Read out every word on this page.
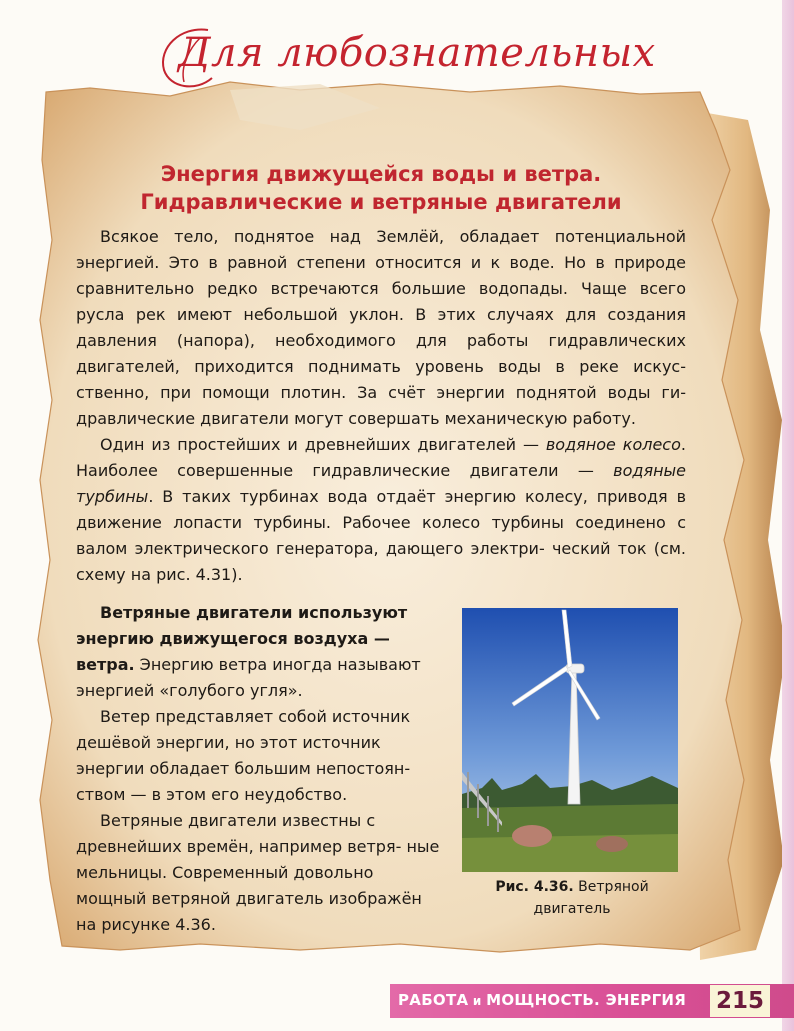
Для любознательных
Энергия движущейся воды и ветра.
Гидравлические и ветряные двигатели

Всякое тело, поднятое над Землёй, обладает потенциальной энергией. Это в равной степени относится и к воде. Но в природе сравнительно редко встречаются большие водопады. Чаще всего русла рек имеют небольшой уклон. В этих случаях для создания давления (напора), необходимого для работы гидравлических двигателей, приходится поднимать уровень воды в реке искус- ственно, при помощи плотин. За счёт энергии поднятой воды ги- дравлические двигатели могут совершать механическую работу.

Один из простейших и древнейших двигателей — водяное колесо. Наиболее совершенные гидравлические двигатели — водяные турбины. В таких турбинах вода отдаёт энергию колесу, приводя в движение лопасти турбины. Рабочее колесо турбины соединено с валом электрического генератора, дающего электри- ческий ток (см. схему на рис. 4.31).

Ветряные двигатели используют энергию движущегося воздуха — ветра. Энергию ветра иногда называют энергией «голубого угля».

Ветер представляет собой источник дешёвой энергии, но этот источник энергии обладает большим непостоян- ством — в этом его неудобство.

Ветряные двигатели известны с древнейших времён, например ветря- ные мельницы. Современный довольно мощный ветряной двигатель изображён на рисунке 4.36.

Рис. 4.36. Ветряной двигатель
РАБОТА и МОЩНОСТЬ. ЭНЕРГИЯ 215
